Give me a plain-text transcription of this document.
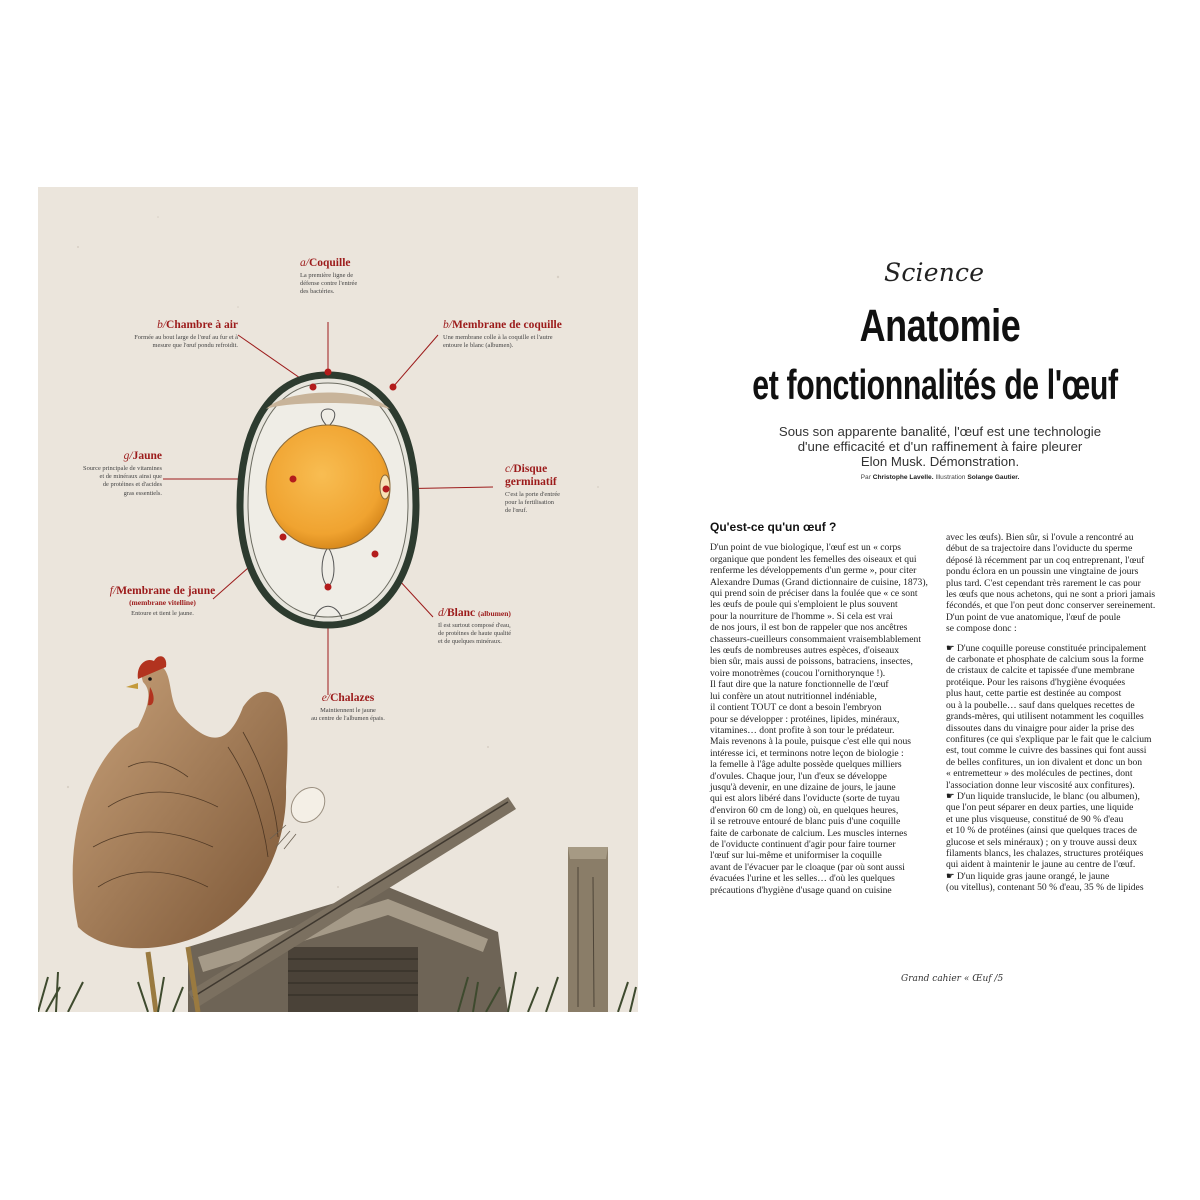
a/Coquille
La première ligne de
défense contre l'entrée
des bactéries.
b/Chambre à air
Formée au bout large de l'œuf au fur et à
mesure que l'œuf pondu refroidit.
b/Membrane de coquille
Une membrane colle à la coquille et l'autre
entoure le blanc (albumen).
g/Jaune
Source principale de vitamines
et de minéraux ainsi que
de protéines et d'acides
gras essentiels.
c/Disque
germinatif
C'est la porte d'entrée
pour la fertilisation
de l'œuf.
f/Membrane de jaune
(membrane vitelline)
Entoure et tient le jaune.	d/Blanc (albumen)
Il est surtout composé d'eau,
de protéines de haute qualité
et de quelques minéraux.
e/Chalazes
Maintiennent le jaune
au centre de l'albumen épais.
Science
Anatomie
et fonctionnalités de l'œuf
Sous son apparente banalité, l'œuf est une technologie
d'une efficacité et d'un raffinement à faire pleurer
Elon Musk. Démonstration.
Par Christophe Lavelle. Illustration Solange Gautier.
Qu'est-ce qu'un œuf ?
D'un point de vue biologique, l'œuf est un « corps
organique que pondent les femelles des oiseaux et qui
renferme les développements d'un germe », pour citer
Alexandre Dumas (Grand dictionnaire de cuisine, 1873),
qui prend soin de préciser dans la foulée que « ce sont
les œufs de poule qui s'emploient le plus souvent
pour la nourriture de l'homme ». Si cela est vrai
de nos jours, il est bon de rappeler que nos ancêtres
chasseurs-cueilleurs consommaient vraisemblablement
les œufs de nombreuses autres espèces, d'oiseaux
bien sûr, mais aussi de poissons, batraciens, insectes,
voire monotrèmes (coucou l'ornithorynque !).
Il faut dire que la nature fonctionnelle de l'œuf
lui confère un atout nutritionnel indéniable,
il contient TOUT ce dont a besoin l'embryon
pour se développer : protéines, lipides, minéraux,
vitamines… dont profite à son tour le prédateur.
Mais revenons à la poule, puisque c'est elle qui nous
intéresse ici, et terminons notre leçon de biologie :
la femelle à l'âge adulte possède quelques milliers
d'ovules. Chaque jour, l'un d'eux se développe
jusqu'à devenir, en une dizaine de jours, le jaune
qui est alors libéré dans l'oviducte (sorte de tuyau
d'environ 60 cm de long) où, en quelques heures,
il se retrouve entouré de blanc puis d'une coquille
faite de carbonate de calcium. Les muscles internes
de l'oviducte continuent d'agir pour faire tourner
l'œuf sur lui-même et uniformiser la coquille
avant de l'évacuer par le cloaque (par où sont aussi
évacuées l'urine et les selles… d'où les quelques
précautions d'hygiène d'usage quand on cuisine
avec les œufs). Bien sûr, si l'ovule a rencontré au
début de sa trajectoire dans l'oviducte du sperme
déposé là récemment par un coq entreprenant, l'œuf
pondu éclora en un poussin une vingtaine de jours
plus tard. C'est cependant très rarement le cas pour
les œufs que nous achetons, qui ne sont a priori jamais
fécondés, et que l'on peut donc conserver sereinement.
D'un point de vue anatomique, l'œuf de poule
se compose donc :
☛ D'une coquille poreuse constituée principalement
de carbonate et phosphate de calcium sous la forme
de cristaux de calcite et tapissée d'une membrane
protéique. Pour les raisons d'hygiène évoquées
plus haut, cette partie est destinée au compost
ou à la poubelle… sauf dans quelques recettes de
grands-mères, qui utilisent notamment les coquilles
dissoutes dans du vinaigre pour aider la prise des
confitures (ce qui s'explique par le fait que le calcium
est, tout comme le cuivre des bassines qui font aussi
de belles confitures, un ion divalent et donc un bon
« entremetteur » des molécules de pectines, dont
l'association donne leur viscosité aux confitures).
☛ D'un liquide translucide, le blanc (ou albumen),
que l'on peut séparer en deux parties, une liquide
et une plus visqueuse, constitué de 90 % d'eau
et 10 % de protéines (ainsi que quelques traces de
glucose et sels minéraux) ; on y trouve aussi deux
filaments blancs, les chalazes, structures protéiques
qui aident à maintenir le jaune au centre de l'œuf.
☛ D'un liquide gras jaune orangé, le jaune
(ou vitellus), contenant 50 % d'eau, 35 % de lipides
Grand cahier « Œuf /5
